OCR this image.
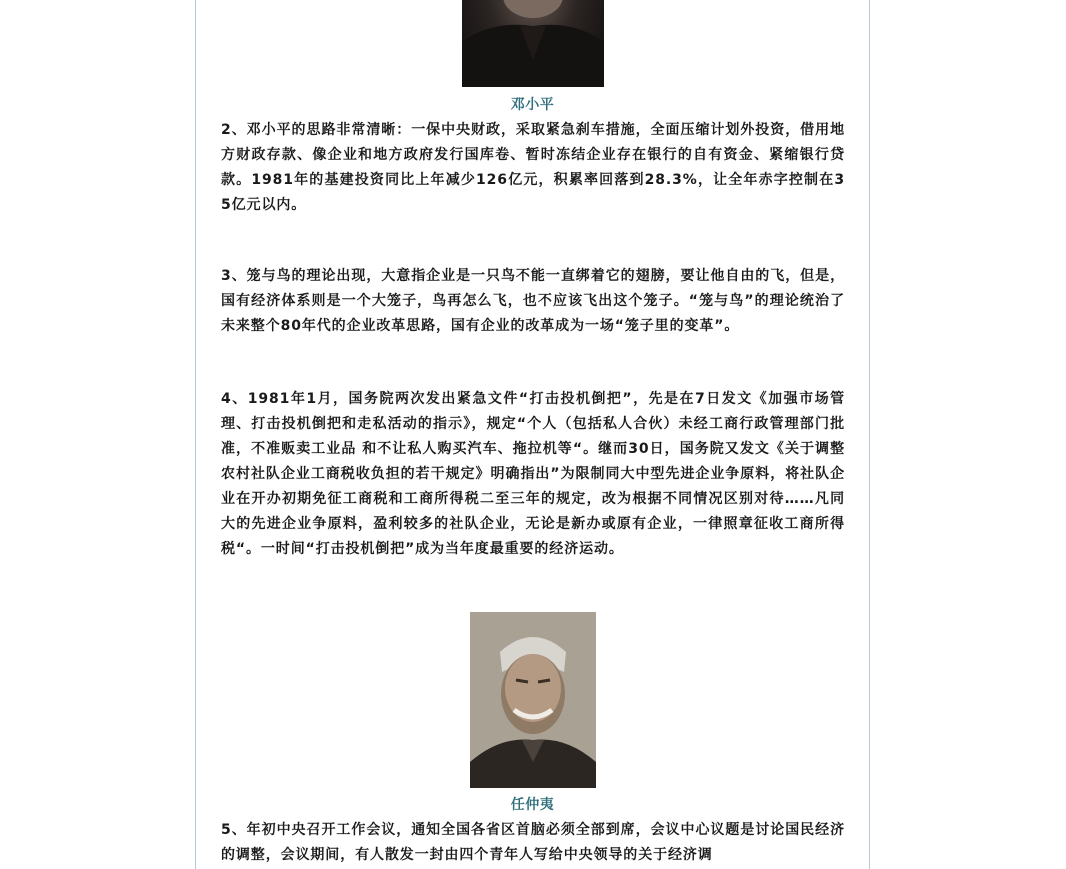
邓小平

2、邓小平的思路非常清晰：一保中央财政，采取紧急刹车措施，全面压缩计划外投资，借用地方财政存款、像企业和地方政府发行国库卷、暂时冻结企业存在银行的自有资金、紧缩银行贷款。1981年的基建投资同比上年减少126亿元，积累率回落到28.3%，让全年赤字控制在35亿元以内。

3、笼与鸟的理论出现，大意指企业是一只鸟不能一直绑着它的翅膀，要让他自由的飞，但是，国有经济体系则是一个大笼子，鸟再怎么飞，也不应该飞出这个笼子。“笼与鸟”的理论统治了未来整个80年代的企业改革思路，国有企业的改革成为一场“笼子里的变革”。

4、1981年1月，国务院两次发出紧急文件“打击投机倒把”，先是在7日发文《加强市场管理、打击投机倒把和走私活动的指示》，规定“个人（包括私人合伙）未经工商行政管理部门批准，不准贩卖工业品 和不让私人购买汽车、拖拉机等“。继而30日，国务院又发文《关于调整农村社队企业工商税收负担的若干规定》明确指出”为限制同大中型先进企业争原料，将社队企业在开办初期免征工商税和工商所得税二至三年的规定，改为根据不同情况区别对待……凡同大的先进企业争原料，盈利较多的社队企业，无论是新办或原有企业，一律照章征收工商所得税“。一时间“打击投机倒把”成为当年度最重要的经济运动。

任仲夷

5、年初中央召开工作会议，通知全国各省区首脑必须全部到席，会议中心议题是讨论国民经济的调整，会议期间，有人散发一封由四个青年人写给中央领导的关于经济调
